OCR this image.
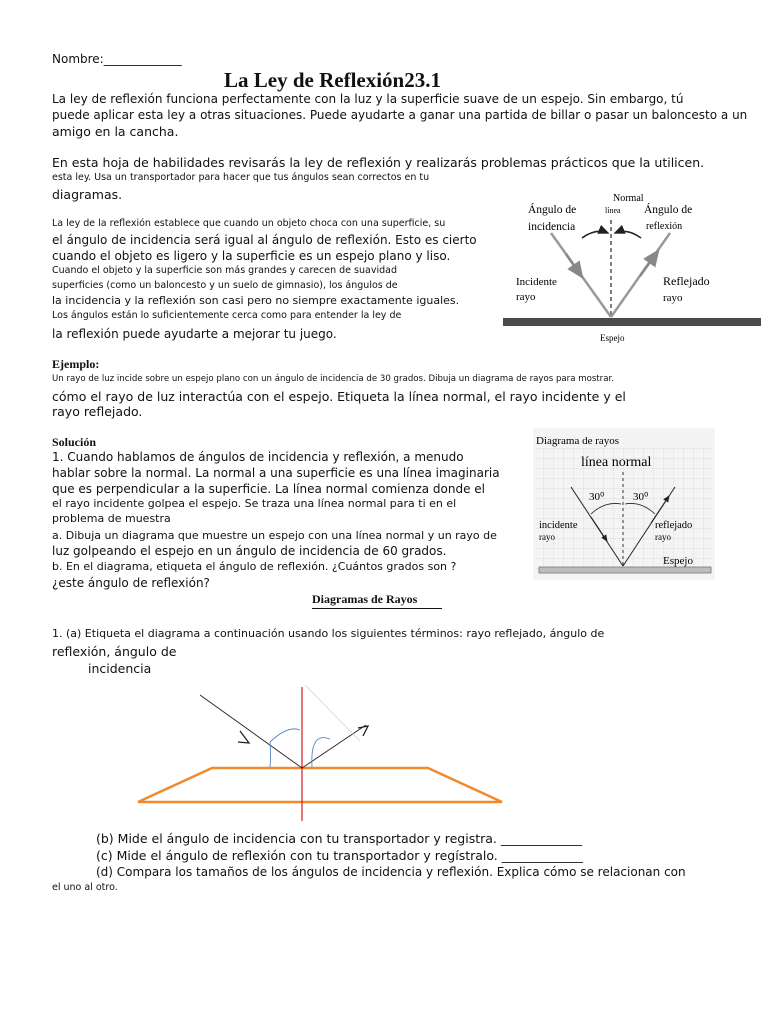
Nombre:_____________
La Ley de Reflexión23.1
La ley de reflexión funciona perfectamente con la luz y la superficie suave de un espejo. Sin embargo, tú
puede aplicar esta ley a otras situaciones. Puede ayudarte a ganar una partida de billar o pasar un baloncesto a un
amigo en la cancha.
En esta hoja de habilidades revisarás la ley de reflexión y realizarás problemas prácticos que la utilicen.
esta ley. Usa un transportador para hacer que tus ángulos sean correctos en tu
diagramas.
La ley de la reflexión establece que cuando un objeto choca con una superficie, su
el ángulo de incidencia será igual al ángulo de reflexión. Esto es cierto
cuando el objeto es ligero y la superficie es un espejo plano y liso.
Cuando el objeto y la superficie son más grandes y carecen de suavidad
superficies (como un baloncesto y un suelo de gimnasio), los ángulos de
la incidencia y la reflexión son casi pero no siempre exactamente iguales.
Los ángulos están lo suficientemente cerca como para entender la ley de
la reflexión puede ayudarte a mejorar tu juego.
Normal
línea
Ángulo de
incidencia
Ángulo de
reflexión
Incidente
rayo
Reflejado
rayo
Espejo
Ejemplo:
Un rayo de luz incide sobre un espejo plano con un ángulo de incidencia de 30 grados. Dibuja un diagrama de rayos para mostrar.
cómo el rayo de luz interactúa con el espejo. Etiqueta la línea normal, el rayo incidente y el
rayo reflejado.
Solución
1. Cuando hablamos de ángulos de incidencia y reflexión, a menudo
hablar sobre la normal. La normal a una superficie es una línea imaginaria
que es perpendicular a la superficie. La línea normal comienza donde el
el rayo incidente golpea el espejo. Se traza una línea normal para ti en el
problema de muestra
a. Dibuja un diagrama que muestre un espejo con una línea normal y un rayo de
luz golpeando el espejo en un ángulo de incidencia de 60 grados.
b. En el diagrama, etiqueta el ángulo de reflexión. ¿Cuántos grados son ?
¿este ángulo de reflexión?
Diagrama de rayos
línea normal
30⁰	30⁰
incidente
rayo
reflejado
rayo
Espejo
Diagramas de Rayos
1. (a) Etiqueta el diagrama a continuación usando los siguientes términos: rayo reflejado, ángulo de
reflexión, ángulo de
incidencia
(b) Mide el ángulo de incidencia con tu transportador y registra. _____________
(c) Mide el ángulo de reflexión con tu transportador y regístralo. _____________
(d) Compara los tamaños de los ángulos de incidencia y reflexión. Explica cómo se relacionan con
el uno al otro.
